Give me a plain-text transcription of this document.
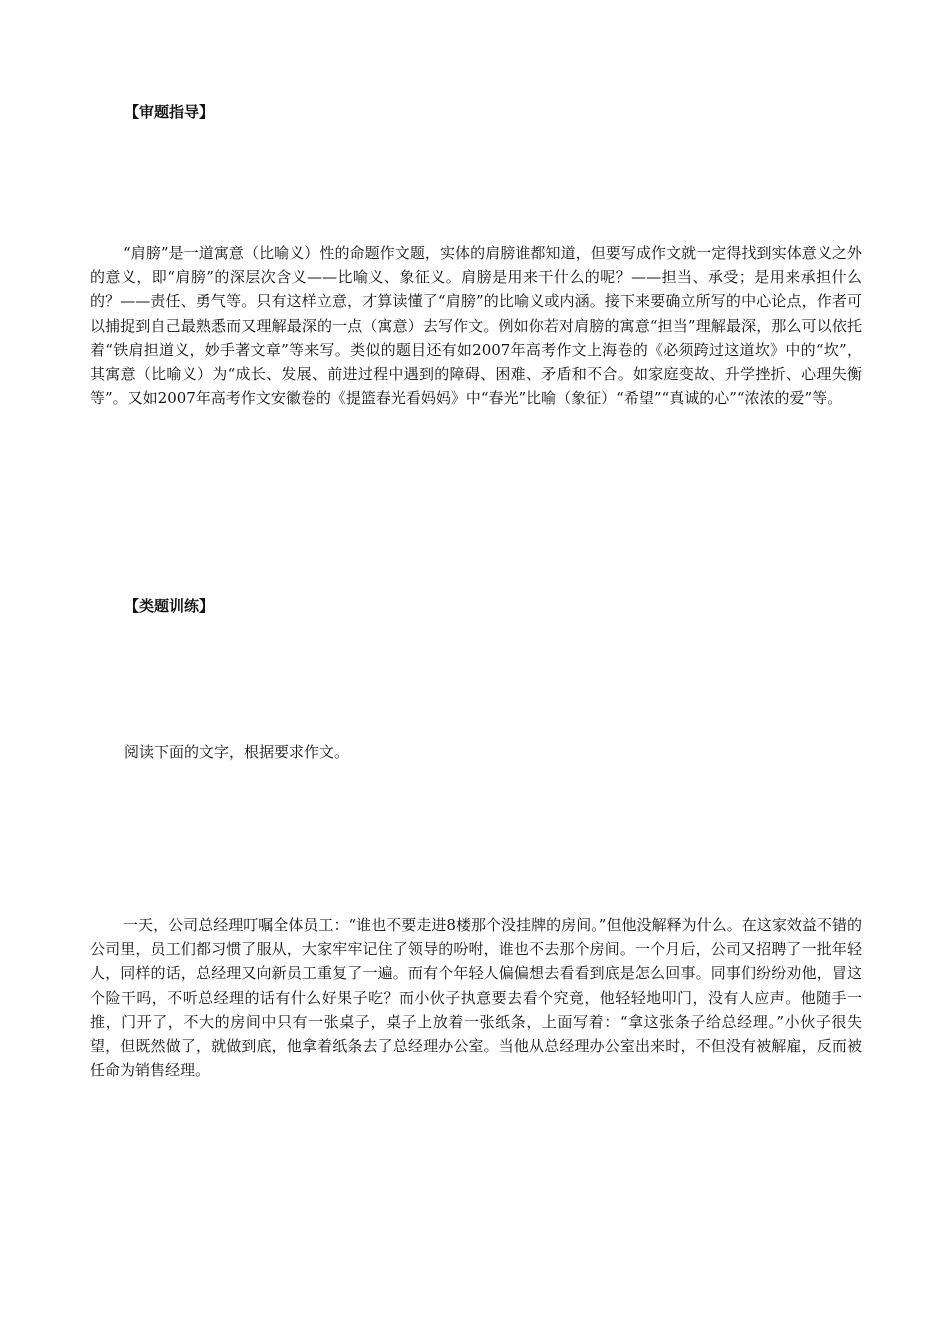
【审题指导】
“肩膀”是一道寓意（比喻义）性的命题作文题，实体的肩膀谁都知道，但要写成作文就一定得找到实体意义之外的意义，即“肩膀”的深层次含义——比喻义、象征义。肩膀是用来干什么的呢？——担当、承受；是用来承担什么的？——责任、勇气等。只有这样立意，才算读懂了“肩膀”的比喻义或内涵。接下来要确立所写的中心论点，作者可以捕捉到自己最熟悉而又理解最深的一点（寓意）去写作文。例如你若对肩膀的寓意“担当”理解最深，那么可以依托着“铁肩担道义，妙手著文章”等来写。类似的题目还有如2007年高考作文上海卷的《必须跨过这道坎》中的“坎”，其寓意（比喻义）为“成长、发展、前进过程中遇到的障碍、困难、矛盾和不合。如家庭变故、升学挫折、心理失衡等”。又如2007年高考作文安徽卷的《提篮春光看妈妈》中“春光”比喻（象征）“希望”“真诚的心”“浓浓的爱”等。
【类题训练】
阅读下面的文字，根据要求作文。
一天，公司总经理叮嘱全体员工：“谁也不要走进8楼那个没挂牌的房间。”但他没解释为什么。在这家效益不错的公司里，员工们都习惯了服从，大家牢牢记住了领导的吩咐，谁也不去那个房间。一个月后，公司又招聘了一批年轻人，同样的话，总经理又向新员工重复了一遍。而有个年轻人偏偏想去看看到底是怎么回事。同事们纷纷劝他，冒这个险干吗，不听总经理的话有什么好果子吃？而小伙子执意要去看个究竟，他轻轻地叩门，没有人应声。他随手一推，门开了，不大的房间中只有一张桌子，桌子上放着一张纸条，上面写着：“拿这张条子给总经理。”小伙子很失望，但既然做了，就做到底，他拿着纸条去了总经理办公室。当他从总经理办公室出来时，不但没有被解雇，反而被任命为销售经理。
